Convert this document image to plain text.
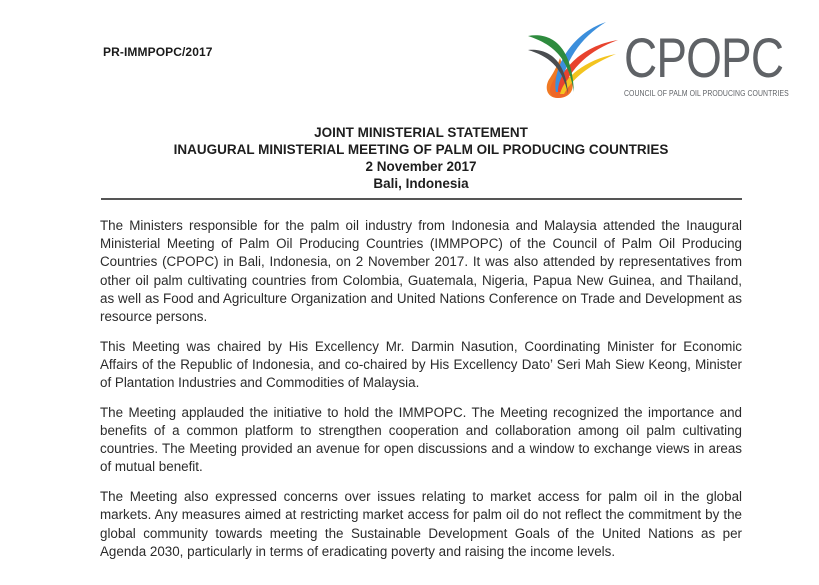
PR-IMMPOPC/2017	CPOPC
COUNCIL OF PALM OIL PRODUCING COUNTRIES
JOINT MINISTERIAL STATEMENT
INAUGURAL MINISTERIAL MEETING OF PALM OIL PRODUCING COUNTRIES
2 November 2017
Bali, Indonesia

The Ministers responsible for the palm oil industry from Indonesia and Malaysia attended the Inaugural Ministerial Meeting of Palm Oil Producing Countries (IMMPOPC) of the Council of Palm Oil Producing Countries (CPOPC) in Bali, Indonesia, on 2 November 2017. It was also attended by representatives from other oil palm cultivating countries from Colombia, Guatemala, Nigeria, Papua New Guinea, and Thailand, as well as Food and Agriculture Organization and United Nations Conference on Trade and Development as resource persons.

This Meeting was chaired by His Excellency Mr. Darmin Nasution, Coordinating Minister for Economic Affairs of the Republic of Indonesia, and co-chaired by His Excellency Dato’ Seri Mah Siew Keong, Minister of Plantation Industries and Commodities of Malaysia.

The Meeting applauded the initiative to hold the IMMPOPC. The Meeting recognized the importance and benefits of a common platform to strengthen cooperation and collaboration among oil palm cultivating countries. The Meeting provided an avenue for open discussions and a window to exchange views in areas of mutual benefit.

The Meeting also expressed concerns over issues relating to market access for palm oil in the global markets. Any measures aimed at restricting market access for palm oil do not reflect the commitment by the global community towards meeting the Sustainable Development Goals of the United Nations as per Agenda 2030, particularly in terms of eradicating poverty and raising the income levels.
